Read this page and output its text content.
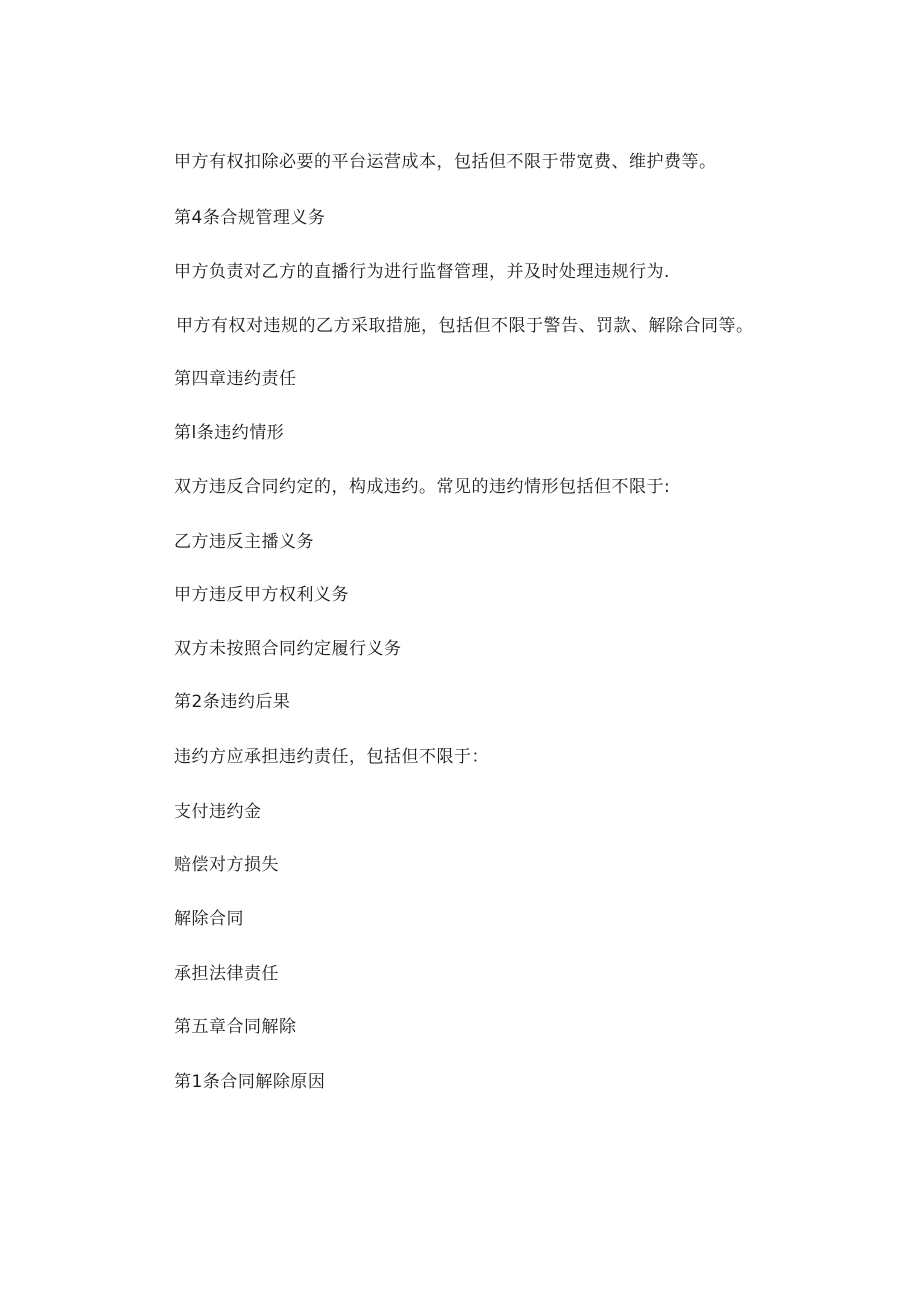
甲方有权扣除必要的平台运营成本，包括但不限于带宽费、维护费等。

第4条合规管理义务

甲方负责对乙方的直播行为进行监督管理，并及时处理违规行为.

甲方有权对违规的乙方采取措施，包括但不限于警告、罚款、解除合同等。

第四章违约责任

第l条违约情形

双方违反合同约定的，构成违约。常见的违约情形包括但不限于:

乙方违反主播义务

甲方违反甲方权利义务

双方未按照合同约定履行义务

第2条违约后果

违约方应承担违约责任，包括但不限于：

支付违约金

赔偿对方损失

解除合同

承担法律责任

第五章合同解除

第1条合同解除原因
